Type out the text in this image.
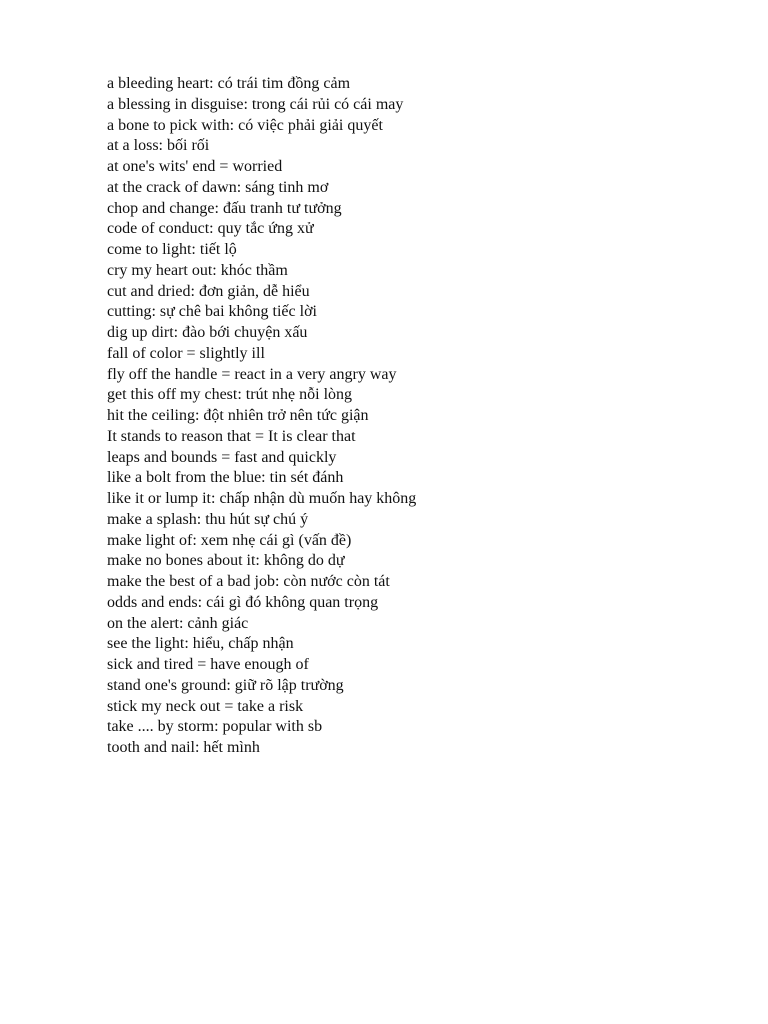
a bleeding heart: có trái tim đồng cảm
a blessing in disguise: trong cái rủi có cái may
a bone to pick with: có việc phải giải quyết
at a loss: bối rối
at one's wits' end = worried
at the crack of dawn: sáng tinh mơ
chop and change: đấu tranh tư tưởng
code of conduct: quy tắc ứng xử
come to light: tiết lộ
cry my heart out: khóc thầm
cut and dried: đơn giản, dễ hiểu
cutting: sự chê bai không tiếc lời
dig up dirt: đào bới chuyện xấu
fall of color = slightly ill
fly off the handle = react in a very angry way
get this off my chest: trút nhẹ nỗi lòng
hit the ceiling: đột nhiên trở nên tức giận
It stands to reason that = It is clear that
leaps and bounds = fast and quickly
like a bolt from the blue: tin sét đánh
like it or lump it: chấp nhận dù muốn hay không
make a splash: thu hút sự chú ý
make light of: xem nhẹ cái gì (vấn đề)
make no bones about it: không do dự
make the best of a bad job: còn nước còn tát
odds and ends: cái gì đó không quan trọng
on the alert: cảnh giác
see the light: hiểu, chấp nhận
sick and tired = have enough of
stand one's ground: giữ rõ lập trường
stick my neck out = take a risk
take .... by storm: popular with sb
tooth and nail: hết mình
